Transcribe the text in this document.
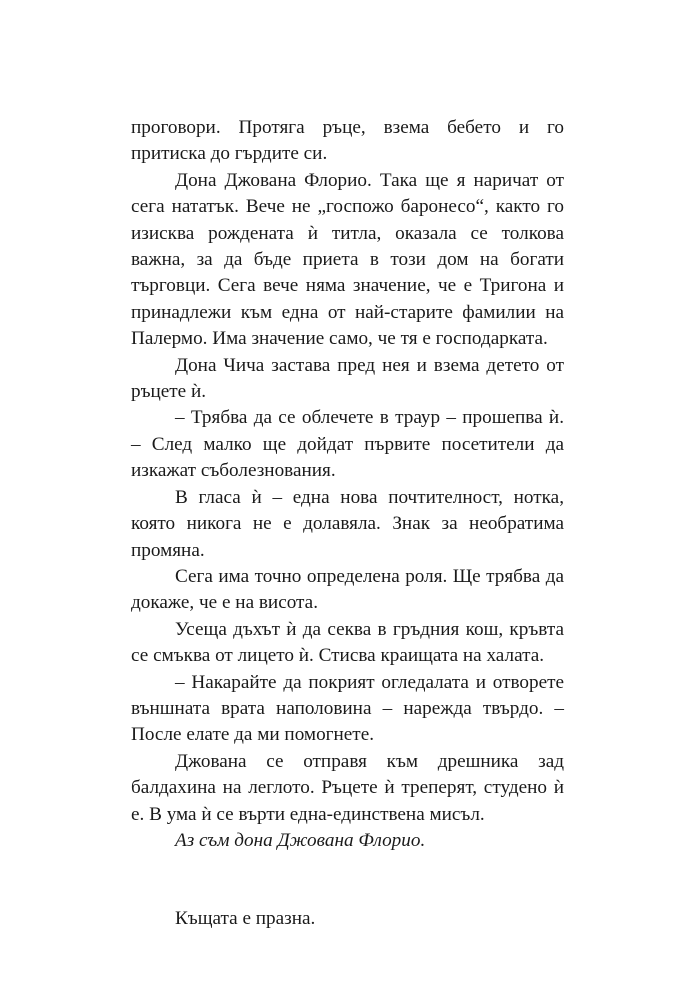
проговори. Протяга ръце, взема бебето и го притиска до гърдите си.

Дона Джована Флорио. Така ще я наричат от сега нататък. Вече не „госпожо баронесо“, както го изисква рождената ѝ титла, оказала се толкова важна, за да бъде приета в този дом на богати търговци. Сега вече няма значение, че е Тригона и принадлежи към една от най-старите фамилии на Палермо. Има значение само, че тя е господарката.

Дона Чича застава пред нея и взема детето от ръцете ѝ.

– Трябва да се облечете в траур – прошепва ѝ. – След малко ще дойдат първите посетители да изкажат съболезнования.

В гласа ѝ – една нова почтителност, нотка, която никога не е долавяла. Знак за необратима промяна.

Сега има точно определена роля. Ще трябва да докаже, че е на висота.

Усеща дъхът ѝ да секва в гръдния кош, кръвта се смъква от лицето ѝ. Стисва краищата на халата.

– Накарайте да покрият огледалата и отворете външната врата наполовина – нарежда твърдо. – После елате да ми помогнете.

Джована се отправя към дрешника зад балдахина на леглото. Ръцете ѝ треперят, студено ѝ е. В ума ѝ се върти една-единствена мисъл.

Аз съм дона Джована Флорио.

Къщата е празна.
